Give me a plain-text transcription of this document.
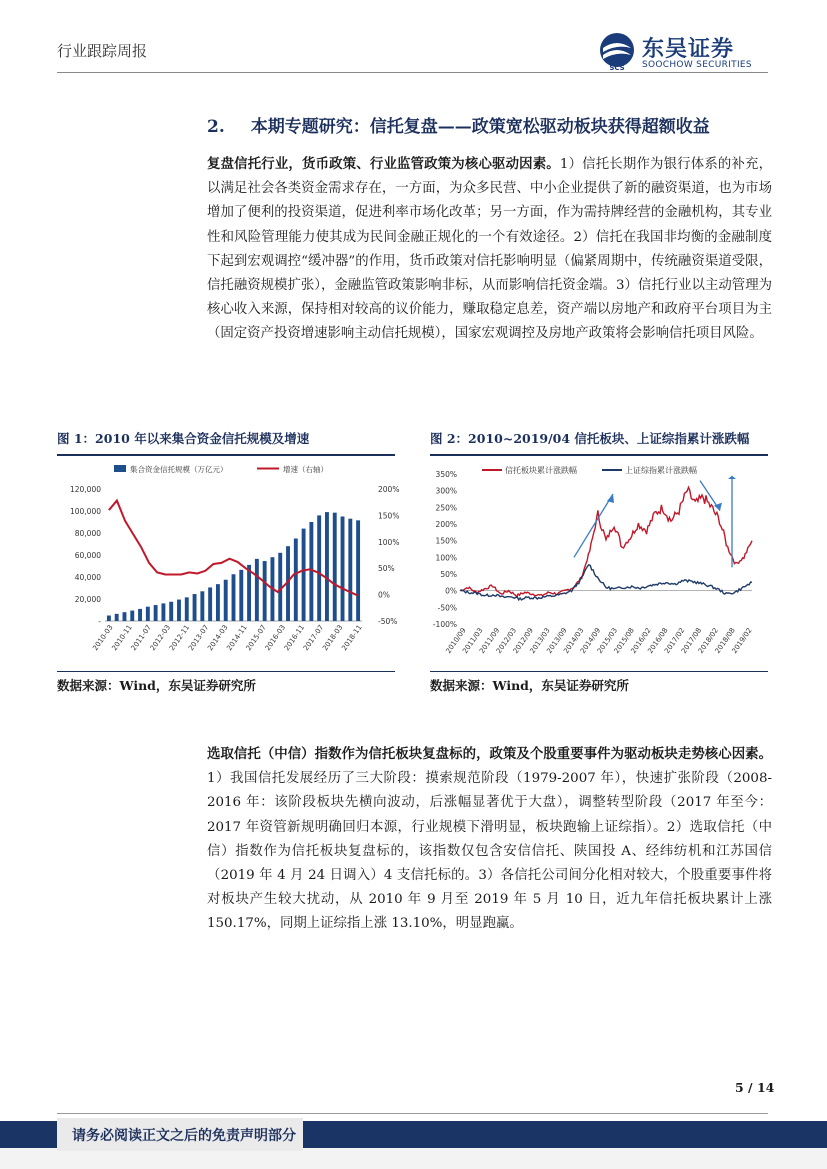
行业跟踪周报
SCS
东吴证券
SOOCHOW SECURITIES
2. 本期专题研究：信托复盘——政策宽松驱动板块获得超额收益
复盘信托行业，货币政策、行业监管政策为核心驱动因素。1）信托长期作为银行体系的补充，以满足社会各类资金需求存在，一方面，为众多民营、中小企业提供了新的融资渠道，也为市场增加了便利的投资渠道，促进利率市场化改革；另一方面，作为需持牌经营的金融机构，其专业性和风险管理能力使其成为民间金融正规化的一个有效途径。2）信托在我国非均衡的金融制度下起到宏观调控“缓冲器”的作用，货币政策对信托影响明显（偏紧周期中，传统融资渠道受限，信托融资规模扩张），金融监管政策影响非标，从而影响信托资金端。3）信托行业以主动管理为核心收入来源，保持相对较高的议价能力，赚取稳定息差，资产端以房地产和政府平台项目为主（固定资产投资增速影响主动信托规模），国家宏观调控及房地产政策将会影响信托项目风险。
图 1：2010 年以来集合资金信托规模及增速
集合资金信托规模（万亿元）	增速（右轴）
-
20,000
40,000
60,000
80,000
100,000
120,000
-50%
0%
50%
100%
150%
200%
2010-03
2010-11
2011-07
2012-03
2012-11
2013-07
2014-03
2014-11
2015-07
2016-03
2016-11
2017-07
2018-03
2018-11
数据来源：Wind，东吴证券研究所
图 2：2010~2019/04 信托板块、上证综指累计涨跌幅
信托板块累计涨跌幅	上证综指累计涨跌幅
-100%
-50%
0%
50%
100%
150%
200%
250%
300%
350%
2010/09
2011/03
2011/09
2012/03
2012/09
2013/03
2013/09
2014/03
2014/09
2015/03
2015/08
2016/02
2016/08
2017/02
2017/08
2018/02
2018/08
2019/02
数据来源：Wind，东吴证券研究所
选取信托（中信）指数作为信托板块复盘标的，政策及个股重要事件为驱动板块走势核心因素。1）我国信托发展经历了三大阶段：摸索规范阶段（1979-2007 年），快速扩张阶段（2008-2016 年：该阶段板块先横向波动，后涨幅显著优于大盘），调整转型阶段（2017 年至今：2017 年资管新规明确回归本源，行业规模下滑明显，板块跑输上证综指）。2）选取信托（中信）指数作为信托板块复盘标的，该指数仅包含安信信托、陕国投 A、经纬纺机和江苏国信（2019 年 4 月 24 日调入）4 支信托标的。3）各信托公司间分化相对较大，个股重要事件将对板块产生较大扰动，从 2010 年 9 月至 2019 年 5 月 10 日，近九年信托板块累计上涨 150.17%，同期上证综指上涨 13.10%，明显跑赢。
5 / 14
请务必阅读正文之后的免责声明部分
